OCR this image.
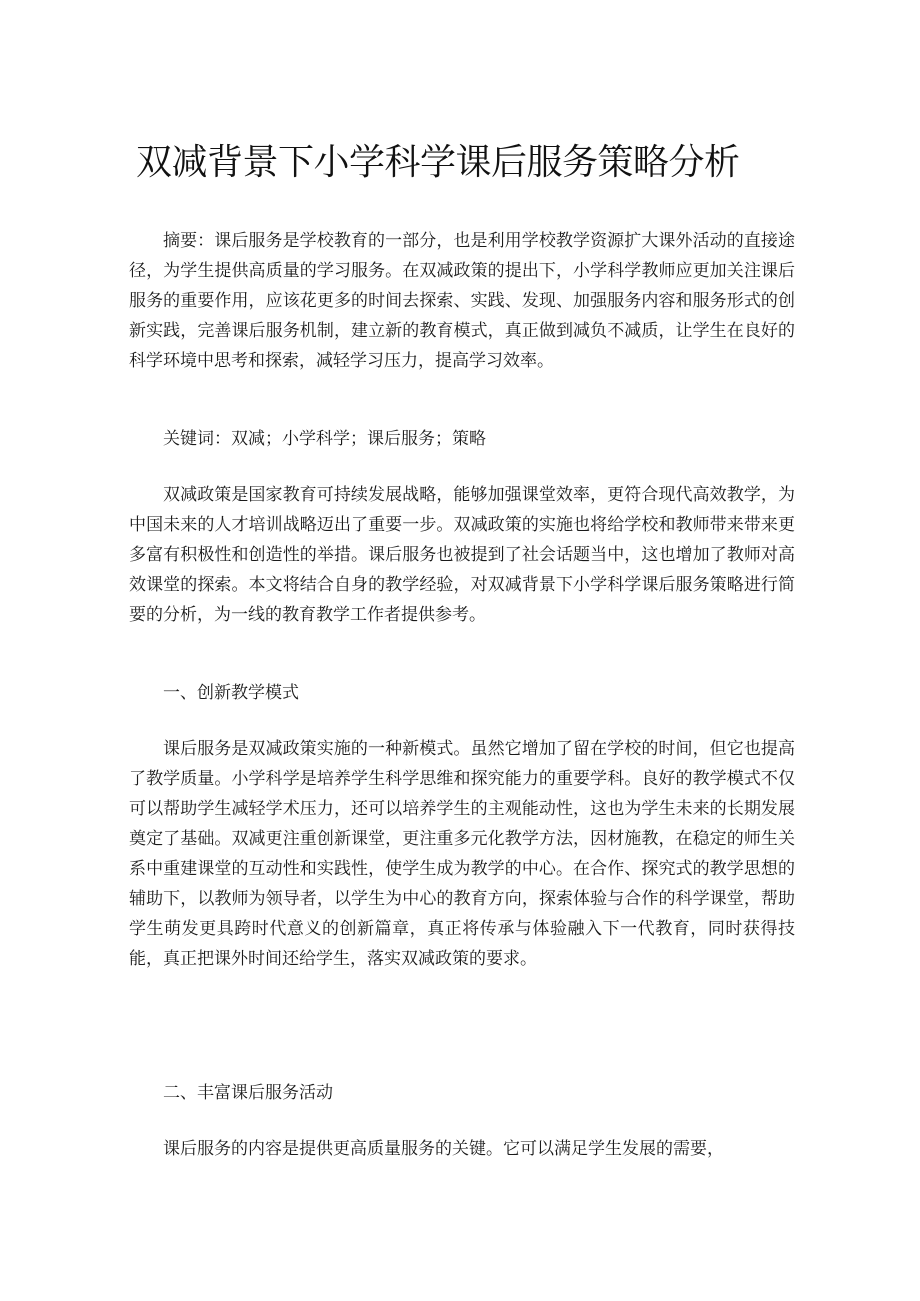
双减背景下小学科学课后服务策略分析

摘要：课后服务是学校教育的一部分，也是利用学校教学资源扩大课外活动的直接途径，为学生提供高质量的学习服务。在双减政策的提出下，小学科学教师应更加关注课后服务的重要作用，应该花更多的时间去探索、实践、发现、加强服务内容和服务形式的创新实践，完善课后服务机制，建立新的教育模式，真正做到减负不减质，让学生在良好的科学环境中思考和探索，减轻学习压力，提高学习效率。

关键词：双减；小学科学；课后服务；策略

双减政策是国家教育可持续发展战略，能够加强课堂效率，更符合现代高效教学，为中国未来的人才培训战略迈出了重要一步。双减政策的实施也将给学校和教师带来带来更多富有积极性和创造性的举措。课后服务也被提到了社会话题当中，这也增加了教师对高效课堂的探索。本文将结合自身的教学经验，对双减背景下小学科学课后服务策略进行简要的分析，为一线的教育教学工作者提供参考。

一、创新教学模式

课后服务是双减政策实施的一种新模式。虽然它增加了留在学校的时间，但它也提高了教学质量。小学科学是培养学生科学思维和探究能力的重要学科。良好的教学模式不仅可以帮助学生减轻学术压力，还可以培养学生的主观能动性，这也为学生未来的长期发展奠定了基础。双减更注重创新课堂，更注重多元化教学方法，因材施教，在稳定的师生关系中重建课堂的互动性和实践性，使学生成为教学的中心。在合作、探究式的教学思想的辅助下，以教师为领导者，以学生为中心的教育方向，探索体验与合作的科学课堂，帮助学生萌发更具跨时代意义的创新篇章，真正将传承与体验融入下一代教育，同时获得技能，真正把课外时间还给学生，落实双减政策的要求。

二、丰富课后服务活动

课后服务的内容是提供更高质量服务的关键。它可以满足学生发展的需要，
